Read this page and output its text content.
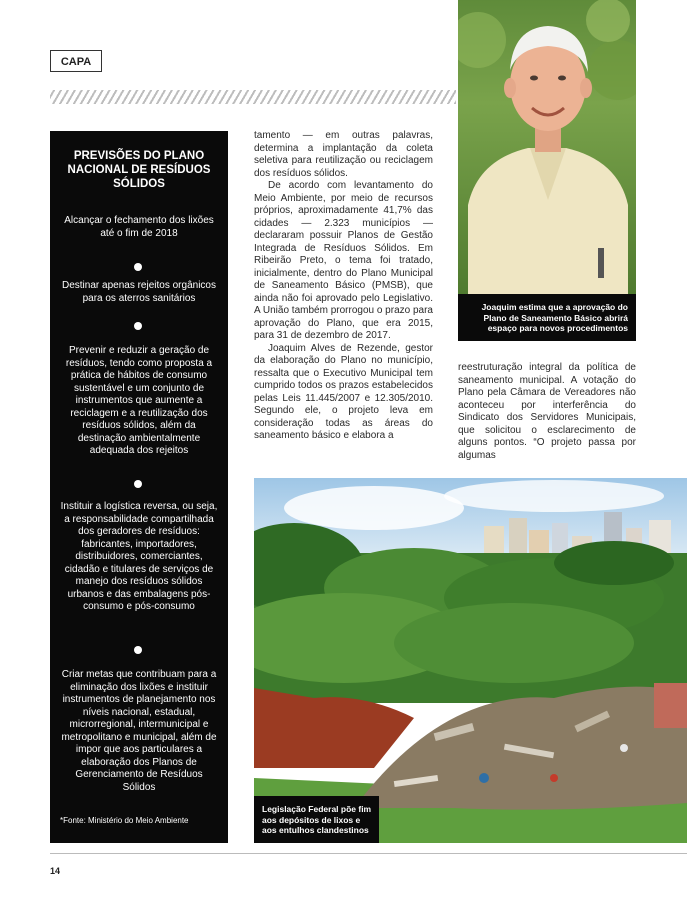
CAPA
PREVISÕES DO PLANO NACIONAL DE RESÍDUOS SÓLIDOS
Alcançar o fechamento dos lixões até o fim de 2018
Destinar apenas rejeitos orgânicos para os aterros sanitários
Prevenir e reduzir a geração de resíduos, tendo como proposta a prática de hábitos de consumo sustentável e um conjunto de instrumentos que aumente a reciclagem e a reutilização dos resíduos sólidos, além da destinação ambientalmente adequada dos rejeitos
Instituir a logística reversa, ou seja, a responsabilidade compartilhada dos geradores de resíduos: fabricantes, importadores, distribuidores, comerciantes, cidadão e titulares de serviços de manejo dos resíduos sólidos urbanos e das embalagens pós-consumo e pós-consumo
Criar metas que contribuam para a eliminação dos lixões e instituir instrumentos de planejamento nos níveis nacional, estadual, microrregional, intermunicipal e metropolitano e municipal, além de impor que aos particulares a elaboração dos Planos de Gerenciamento de Resíduos Sólidos
*Fonte: Ministério do Meio Ambiente

tamento — em outras palavras, determina a implantação da coleta seletiva para reutilização ou reciclagem dos resíduos sólidos.

De acordo com levantamento do Meio Ambiente, por meio de recursos próprios, aproximadamente 41,7% das cidades — 2.323 municípios — declararam possuir Planos de Gestão Integrada de Resíduos Sólidos. Em Ribeirão Preto, o tema foi tratado, inicialmente, dentro do Plano Municipal de Saneamento Básico (PMSB), que ainda não foi aprovado pelo Legislativo. A União também prorrogou o prazo para aprovação do Plano, que era 2015, para 31 de dezembro de 2017.

Joaquim Alves de Rezende, gestor da elaboração do Plano no município, ressalta que o Executivo Municipal tem cumprido todos os prazos estabelecidos pelas Leis 11.445/2007 e 12.305/2010. Segundo ele, o projeto leva em consideração todas as áreas do saneamento básico e elabora a

reestruturação integral da política de saneamento municipal. A votação do Plano pela Câmara de Vereadores não aconteceu por interferência do Sindicato dos Servidores Municipais, que solicitou o esclarecimento de alguns pontos. “O projeto passa por algumas

Joaquim estima que a aprovação do Plano de Saneamento Básico abrirá espaço para novos procedimentos
Legislação Federal põe fim aos depósitos de lixos e aos entulhos clandestinos
14
